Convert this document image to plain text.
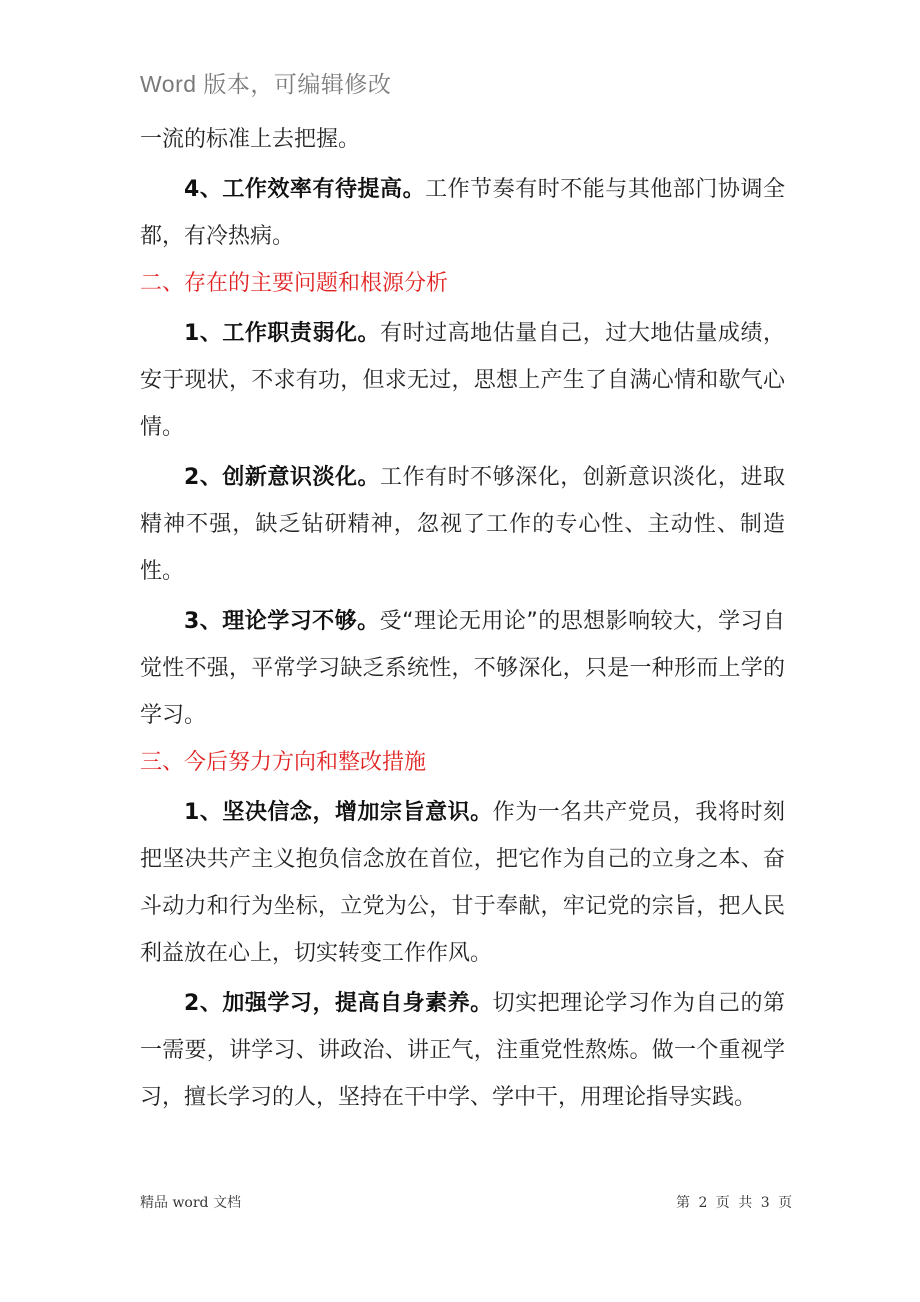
Word 版本，可编辑修改

一流的标准上去把握。

4、工作效率有待提高。工作节奏有时不能与其他部门协调全都，有冷热病。

二、存在的主要问题和根源分析

1、工作职责弱化。有时过高地估量自己，过大地估量成绩，安于现状，不求有功，但求无过，思想上产生了自满心情和歇气心情。

2、创新意识淡化。工作有时不够深化，创新意识淡化，进取精神不强，缺乏钻研精神，忽视了工作的专心性、主动性、制造性。

3、理论学习不够。受“理论无用论”的思想影响较大，学习自觉性不强，平常学习缺乏系统性，不够深化，只是一种形而上学的学习。

三、今后努力方向和整改措施

1、坚决信念，增加宗旨意识。作为一名共产党员，我将时刻把坚决共产主义抱负信念放在首位，把它作为自己的立身之本、奋斗动力和行为坐标，立党为公，甘于奉献，牢记党的宗旨，把人民利益放在心上，切实转变工作作风。

2、加强学习，提高自身素养。切实把理论学习作为自己的第一需要，讲学习、讲政治、讲正气，注重党性熬炼。做一个重视学习，擅长学习的人，坚持在干中学、学中干，用理论指导实践。

精品 word 文档	第 2 页 共 3 页
